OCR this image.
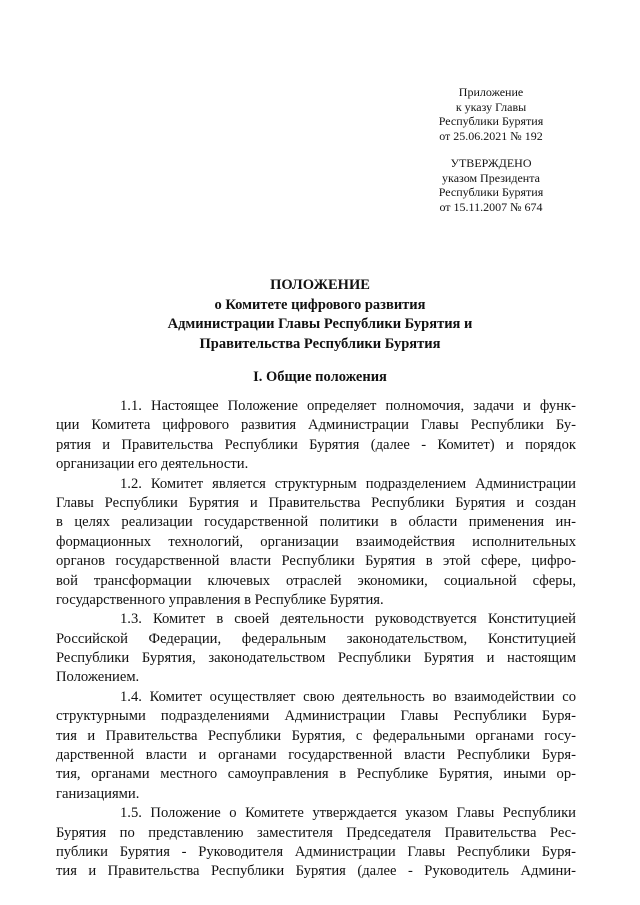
Приложение
к указу Главы
Республики Бурятия
от 25.06.2021 № 192
УТВЕРЖДЕНО
указом Президента
Республики Бурятия
от 15.11.2007 № 674
ПОЛОЖЕНИЕ
о Комитете цифрового развития
Администрации Главы Республики Бурятия и
Правительства Республики Бурятия
I. Общие положения
1.1. Настоящее Положение определяет полномочия, задачи и функ-
ции Комитета цифрового развития Администрации Главы Республики Бу-
рятия и Правительства Республики Бурятия (далее - Комитет) и порядок
организации его деятельности.
1.2. Комитет является структурным подразделением Администрации
Главы Республики Бурятия и Правительства Республики Бурятия и создан
в целях реализации государственной политики в области применения ин-
формационных технологий, организации взаимодействия исполнительных
органов государственной власти Республики Бурятия в этой сфере, цифро-
вой трансформации ключевых отраслей экономики, социальной сферы,
государственного управления в Республике Бурятия.
1.3. Комитет в своей деятельности руководствуется Конституцией
Российской Федерации, федеральным законодательством, Конституцией
Республики Бурятия, законодательством Республики Бурятия и настоящим
Положением.
1.4. Комитет осуществляет свою деятельность во взаимодействии со
структурными подразделениями Администрации Главы Республики Буря-
тия и Правительства Республики Бурятия, с федеральными органами госу-
дарственной власти и органами государственной власти Республики Буря-
тия, органами местного самоуправления в Республике Бурятия, иными ор-
ганизациями.
1.5. Положение о Комитете утверждается указом Главы Республики
Бурятия по представлению заместителя Председателя Правительства Рес-
публики Бурятия - Руководителя Администрации Главы Республики Буря-
тия и Правительства Республики Бурятия (далее - Руководитель Админи-
